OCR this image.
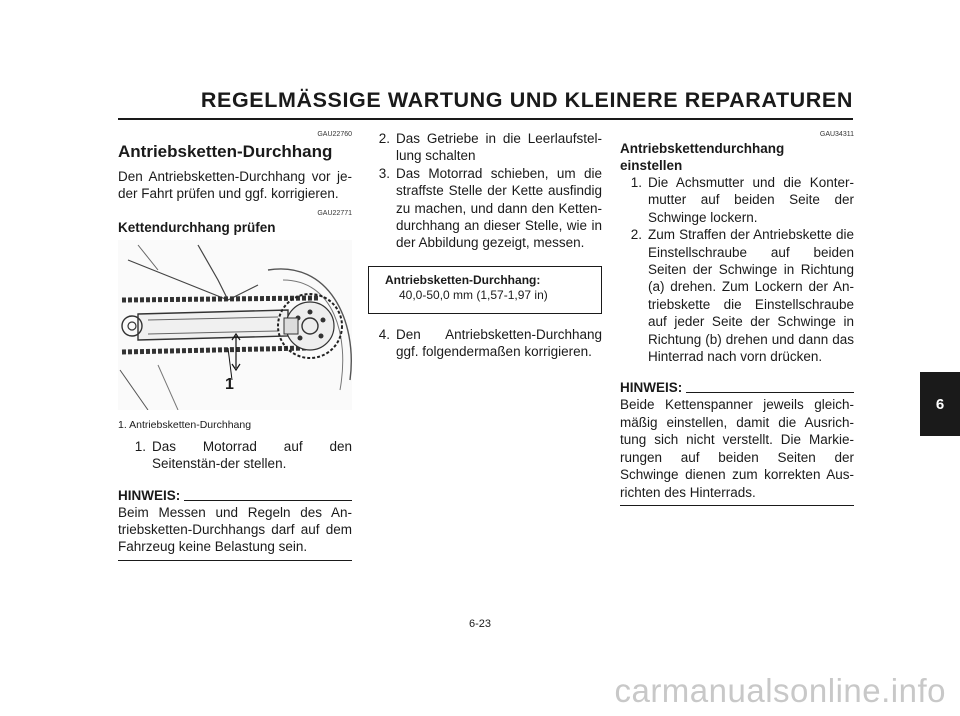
REGELMÄSSIGE WARTUNG UND KLEINERE REPARATUREN
GAU22760
Antriebsketten-Durchhang

Den Antriebsketten-Durchhang vor je-der Fahrt prüfen und ggf. korrigieren.

GAU22771
Kettendurchhang prüfen
1
1. Antriebsketten-Durchhang
1. Das Motorrad auf den Seitenstän-der stellen.
HINWEIS:
Beim Messen und Regeln des An-triebsketten-Durchhangs darf auf dem Fahrzeug keine Belastung sein.
2. Das Getriebe in die Leerlaufstel-lung schalten
3. Das Motorrad schieben, um die straffste Stelle der Kette ausfindig zu machen, und dann den Ketten-durchhang an dieser Stelle, wie in der Abbildung gezeigt, messen.
Antriebsketten-Durchhang:
40,0-50,0 mm (1,57-1,97 in)
4. Den Antriebsketten-Durchhang ggf. folgendermaßen korrigieren.
GAU34311
Antriebskettendurchhang
einstellen
1. Die Achsmutter und die Konter-mutter auf beiden Seite der Schwinge lockern.
2. Zum Straffen der Antriebskette die Einstellschraube auf beiden Seiten der Schwinge in Richtung (a) drehen. Zum Lockern der An-triebskette die Einstellschraube auf jeder Seite der Schwinge in Richtung (b) drehen und dann das Hinterrad nach vorn drücken.
HINWEIS:
Beide Kettenspanner jeweils gleich-mäßig einstellen, damit die Ausrich-tung sich nicht verstellt. Die Markie-rungen auf beiden Seiten der Schwinge dienen zum korrekten Aus-richten des Hinterrads.
6
6-23
carmanualsonline.info
